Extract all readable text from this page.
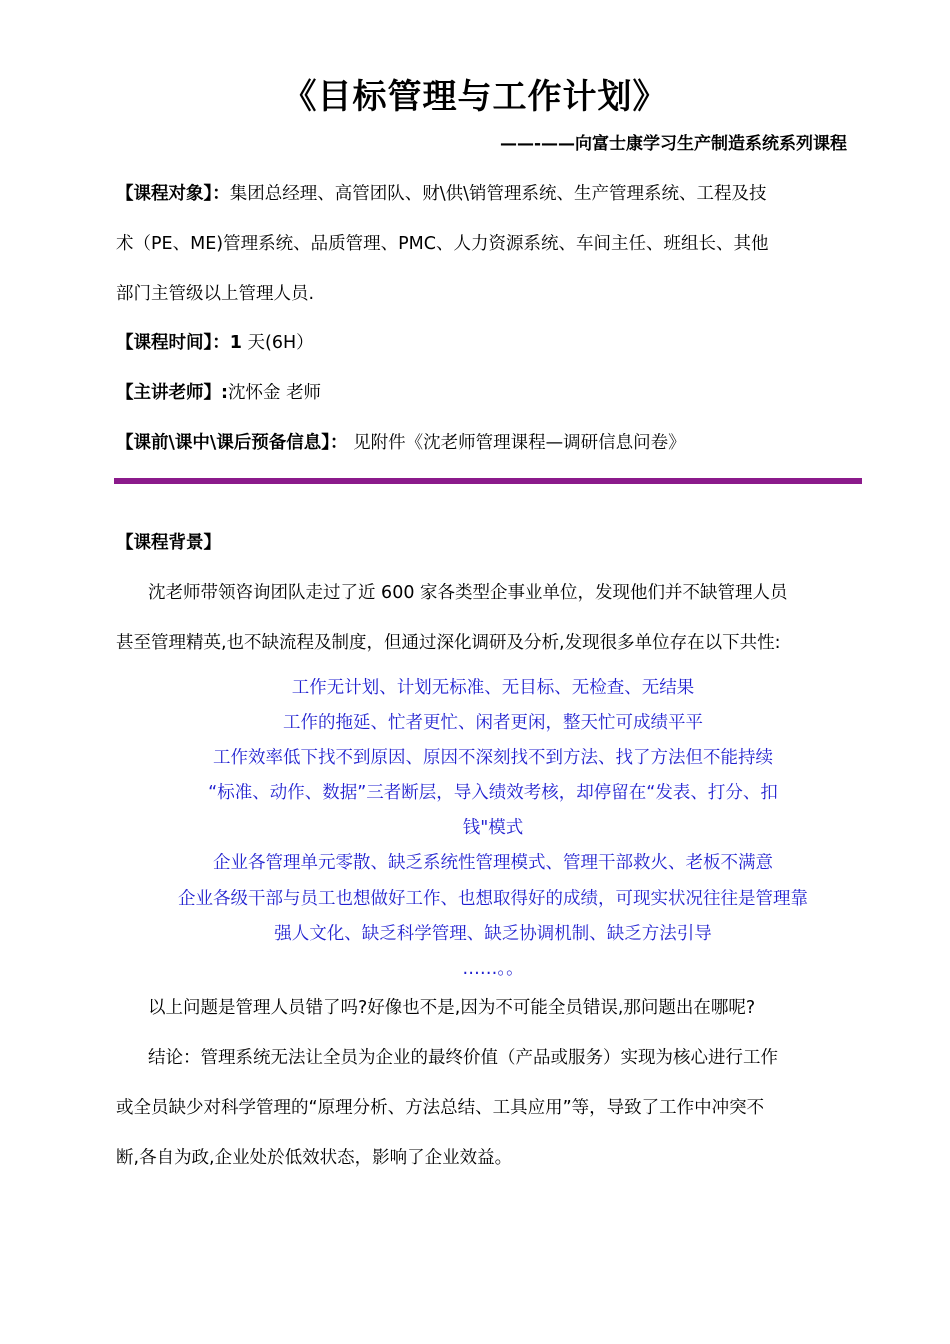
《目标管理与工作计划》
——-——向富士康学习生产制造系统系列课程
【课程对象】：集团总经理、高管团队、财\供\销管理系统、生产管理系统、工程及技
术（PE、ME)管理系统、品质管理、PMC、人力资源系统、车间主任、班组长、其他
部门主管级以上管理人员.
【课程时间】：1 天(6H）
【主讲老师】:沈怀金 老师
【课前\课中\课后预备信息】： 见附件《沈老师管理课程—调研信息问卷》
【课程背景】
沈老师带领咨询团队走过了近 600 家各类型企事业单位，发现他们并不缺管理人员
甚至管理精英,也不缺流程及制度，但通过深化调研及分析,发现很多单位存在以下共性:
工作无计划、计划无标准、无目标、无检查、无结果
工作的拖延、忙者更忙、闲者更闲，整天忙可成绩平平
工作效率低下找不到原因、原因不深刻找不到方法、找了方法但不能持续
“标准、动作、数据”三者断层，导入绩效考核，却停留在“发表、打分、扣
钱"模式
企业各管理单元零散、缺乏系统性管理模式、管理干部救火、老板不满意
企业各级干部与员工也想做好工作、也想取得好的成绩，可现实状况往往是管理靠
强人文化、缺乏科学管理、缺乏协调机制、缺乏方法引导
……。。
以上问题是管理人员错了吗?好像也不是,因为不可能全员错误,那问题出在哪呢?
结论：管理系统无法让全员为企业的最终价值（产品或服务）实现为核心进行工作
或全员缺少对科学管理的“原理分析、方法总结、工具应用”等，导致了工作中冲突不
断,各自为政,企业处於低效状态，影响了企业效益。
